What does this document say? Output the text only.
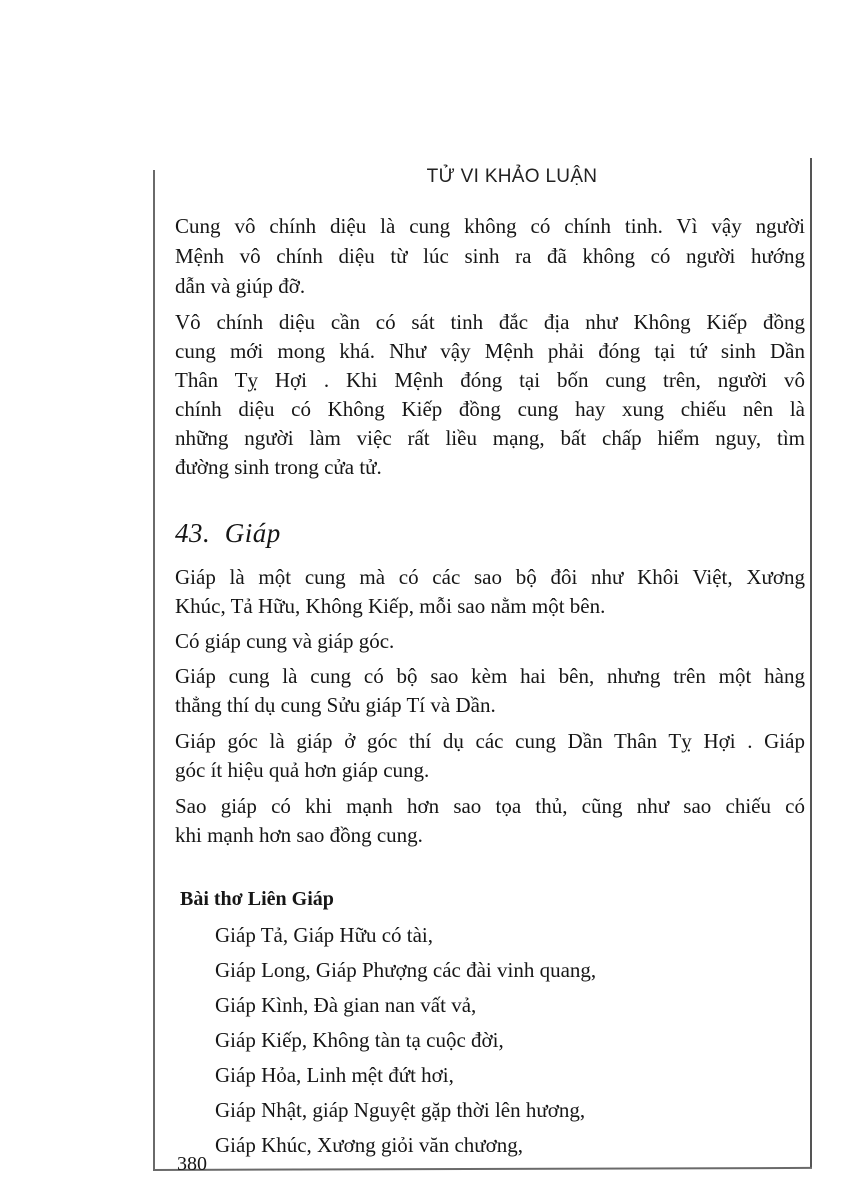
TỬ VI KHẢO LUẬN
Cung vô chính diệu là cung không có chính tinh. Vì vậy người
Mệnh vô chính diệu từ lúc sinh ra đã không có người hướng
dẫn và giúp đỡ.
Vô chính diệu cần có sát tinh đắc địa như Không Kiếp đồng
cung mới mong khá. Như vậy Mệnh phải đóng tại tứ sinh Dần
Thân Tỵ Hợi . Khi Mệnh đóng tại bốn cung trên, người vô
chính diệu có Không Kiếp đồng cung hay xung chiếu nên là
những người làm việc rất liều mạng, bất chấp hiểm nguy, tìm
đường sinh trong cửa tử.
43. Giáp
Giáp là một cung mà có các sao bộ đôi như Khôi Việt, Xương
Khúc, Tả Hữu, Không Kiếp, mỗi sao nằm một bên.
Có giáp cung và giáp góc.
Giáp cung là cung có bộ sao kèm hai bên, nhưng trên một hàng
thẳng thí dụ cung Sửu giáp Tí và Dần.
Giáp góc là giáp ở góc thí dụ các cung Dần Thân Tỵ Hợi . Giáp
góc ít hiệu quả hơn giáp cung.
Sao giáp có khi mạnh hơn sao tọa thủ, cũng như sao chiếu có
khi mạnh hơn sao đồng cung.
Bài thơ Liên Giáp
Giáp Tả, Giáp Hữu có tài,
Giáp Long, Giáp Phượng các đài vinh quang,
Giáp Kình, Đà gian nan vất vả,
Giáp Kiếp, Không tàn tạ cuộc đời,
Giáp Hỏa, Linh mệt đứt hơi,
Giáp Nhật, giáp Nguyệt gặp thời lên hương,
Giáp Khúc, Xương giỏi văn chương,
380
